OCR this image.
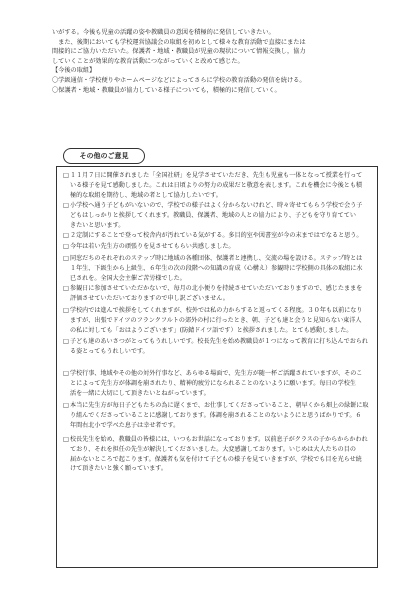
いがする。今後も児童の活躍の姿や教職員の意図を積極的に発信していきたい。

　また、後期においても学校運営協議会の取組を初めとして様々な教育活動で直接にまたは

間接的にご協力いただいた。保護者・地域・教職員が児童の現状について情報交換し，協力

していくことが効果的な教育活動につながっていくと改めて感じた。

【今後の取組】

〇学級通信・学校便りやホームページなどによってさらに学校の教育活動の発信を続ける。

〇保護者・地域・教職員が協力している様子についても，積極的に発信していく。

その他のご意見
□ １１月７日に開催されました「全国社研」を見学させていただき、先生も児童も一体となって授業を行って
いる様子を見て感動しました。これは日頃よりの努力の成果だと敬意を表します。これを機会に今後とも積
極的な取組を期待し、地域の者として協力したいです。
□ 小学校へ通う子どもがいないので、学校での様子はよく分からないけれど、時々寄せてもらう学校で会う子
どもはしっかりと挨拶してくれます。教職員、保護者、地域の人との協力により、子どもを守り育ててい
きたいと思います。
□ ２定制にすることで登って校舎内が汚れている気がする。多目的室や図書室が今の末まではでなると思う。
□ 今年は若い先生方の頑張りを見させてもらい共感しました。
□ 同窓だちのそれぞれのステップ時に地域の各種団体、保護者と連携し、交流の場を設ける。ステップ時とは
１年生、下級生から上級生、６年生の次の段階への知識の育成（心構え）参観時に学校側の具体の取組に水
已されを。全国大会主催ご苦労様でした。
□ 参観日に参加させていただかないで、毎月の北小便りを持続させていただいておりますので、感じたままを
評価させていただいておりますので申し訳ございません。
□ 学校内では進んで挨拶をしてくれますが、校外では私の力からすると返ってくる程度。３０年も以前になり
ますが、出張でドイツのフランクフルトの郊外の村に行ったとき、朝、子ども達と会うと見知らない東洋人
の私に対しても「おはようございます」(防錆ドイツ語です）と挨拶されました。とても感動しました。
□ 子ども達のあいさつがとってもうれしいです。校長先生を始め教職員が１つになって教育に打ち込んでおられ
る姿とってもうれしいです。
□ 学校行事、地域やその他の対外行事など、あらゆる場面で、先生方が随一杯ご活躍されていますが、そのこ
とによって先生方が体調を崩されたり、精神的疲労になられることのないように願います。毎日の学校生
活を一緒に大切にして頂きたいとねがっています。
□ 本当に先生方が毎日子どもたちの為に遅くまで、お仕事してくださっていること、朝早くから畑上の緑餅に取
り組んでくださっていることに感謝しております。体調を崩されることのないようにと思うばかりです。６
年間右北小で学べた息子は幸せ者です。
□ 校長先生を始め、教職員の皆様には、いつもお世話になっております。以前息子がクラスの子からからかわれ
ており、それを担任の先生が解決してくださいました。大変感謝しております。いじめは大人たちの目の
届かないところで起こります。保護者も気を付けて子どもの様子を見ていきますが、学校でも目を光らせ続
けて頂きたいと強く願っています。
